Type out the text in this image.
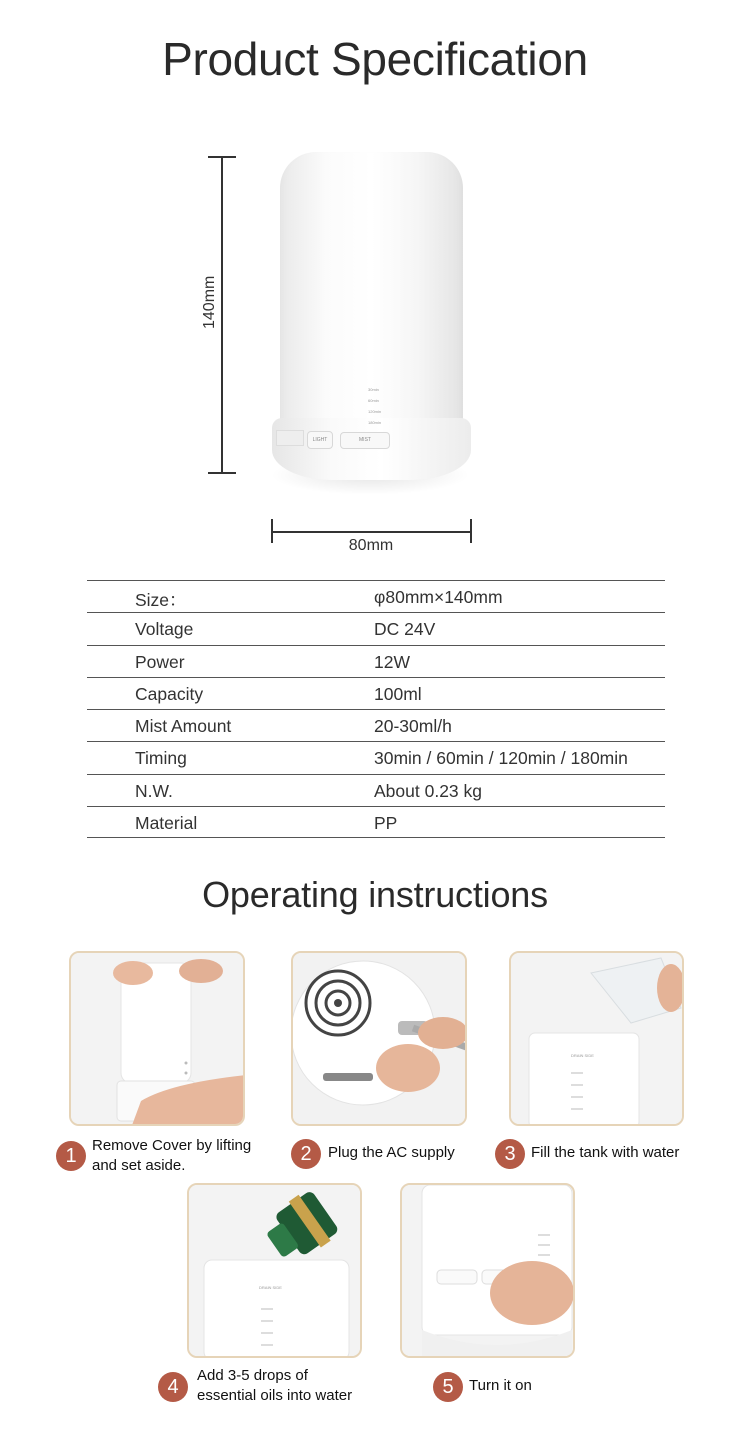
Product Specification
140mm
30min
60min
120min
180min
LIGHT	MIST
80mm
Size：	φ80mm×140mm
Voltage	DC 24V
Power	12W
Capacity	100ml
Mist Amount	20-30ml/h
Timing	30min / 60min / 120min / 180min
N.W.	About 0.23 kg
Material	PP
Operating instructions
1	Remove Cover by lifting
and set aside.
2	Plug the AC supply
DRAIN SIDE
3	Fill the tank with water
DRAIN SIDE
4
Add 3-5 drops of
essential oils into water	5	Turn it on
